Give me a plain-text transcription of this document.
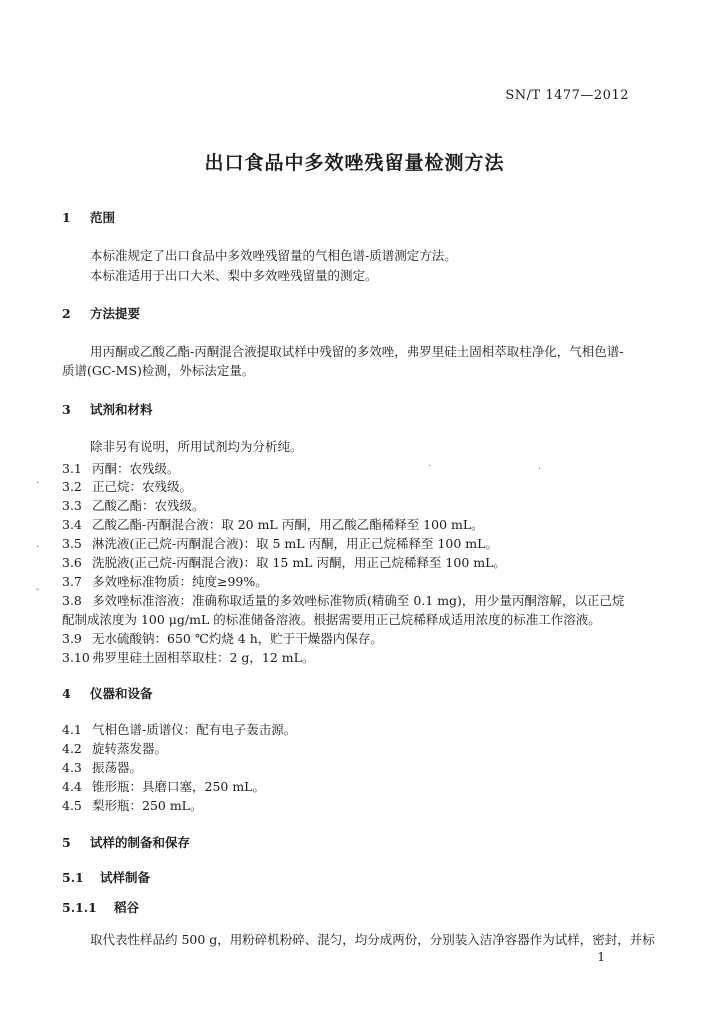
SN/T 1477—2012
出口食品中多效唑残留量检测方法
1 范围
本标准规定了出口食品中多效唑残留量的气相色谱-质谱测定方法。
本标准适用于出口大米、梨中多效唑残留量的测定。
2 方法提要
用丙酮或乙酸乙酯-丙酮混合液提取试样中残留的多效唑，弗罗里硅土固相萃取柱净化，气相色谱-
质谱(GC-MS)检测，外标法定量。
3 试剂和材料
除非另有说明，所用试剂均为分析纯。
3.1 丙酮：农残级。
3.2 正己烷：农残级。
3.3 乙酸乙酯：农残级。
3.4 乙酸乙酯-丙酮混合液：取 20 mL 丙酮，用乙酸乙酯稀释至 100 mL。
3.5 淋洗液(正己烷-丙酮混合液)：取 5 mL 丙酮，用正己烷稀释至 100 mL。
3.6 洗脱液(正己烷-丙酮混合液)：取 15 mL 丙酮，用正己烷稀释至 100 mL。
3.7 多效唑标准物质：纯度≥99%。
3.8 多效唑标准溶液：准确称取适量的多效唑标准物质(精确至 0.1 mg)，用少量丙酮溶解，以正己烷
配制成浓度为 100 μg/mL 的标准储备溶液。根据需要用正己烷稀释成适用浓度的标准工作溶液。
3.9 无水硫酸钠：650 ℃灼烧 4 h，贮于干燥器内保存。
3.10 弗罗里硅土固相萃取柱：2 g，12 mL。
4 仪器和设备
4.1 气相色谱-质谱仪：配有电子轰击源。
4.2 旋转蒸发器。
4.3 振荡器。
4.4 锥形瓶：具磨口塞，250 mL。
4.5 梨形瓶：250 mL。
5 试样的制备和保存
5.1 试样制备
5.1.1 稻谷
取代表性样品约 500 g，用粉碎机粉碎、混匀，均分成两份，分别装入洁净容器作为试样，密封，并标
1
·
·
-
·
.
